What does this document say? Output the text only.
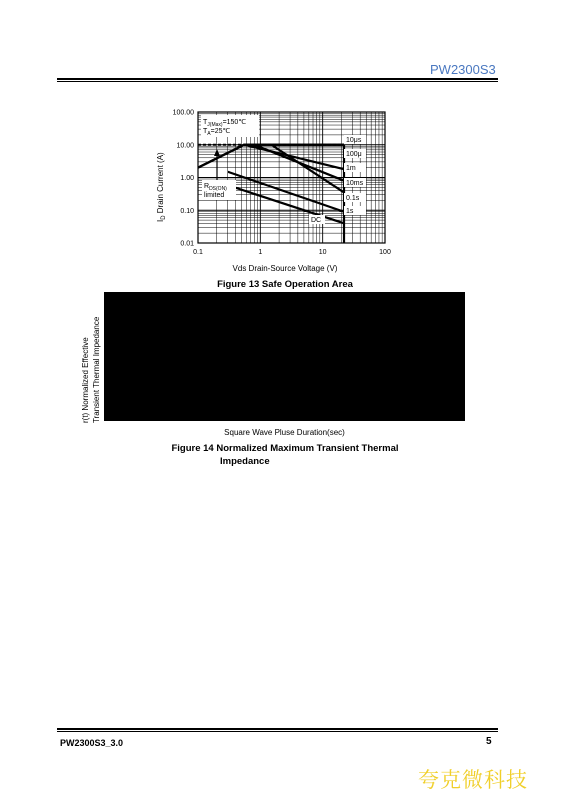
PW2300S3
100.00
10.00
1.00
0.10
0.01
0.1	1	10	100
10μs
100μ
1m
10ms
0.1s
1s
$T_{J(Max)}=150℃$
$T_A=25℃$
$R_{DS(ON)}$
limited
DC
$I_D$ Drain Current (A)
Vds Drain-Source Voltage (V)
Figure 13 Safe Operation Area
r(t) Normalized Effective Transient Thermal Impedance
Square Wave Pluse Duration(sec)
Figure 14 Normalized Maximum Transient Thermal
Impedance
PW2300S3_3.0	5
夸克微科技
